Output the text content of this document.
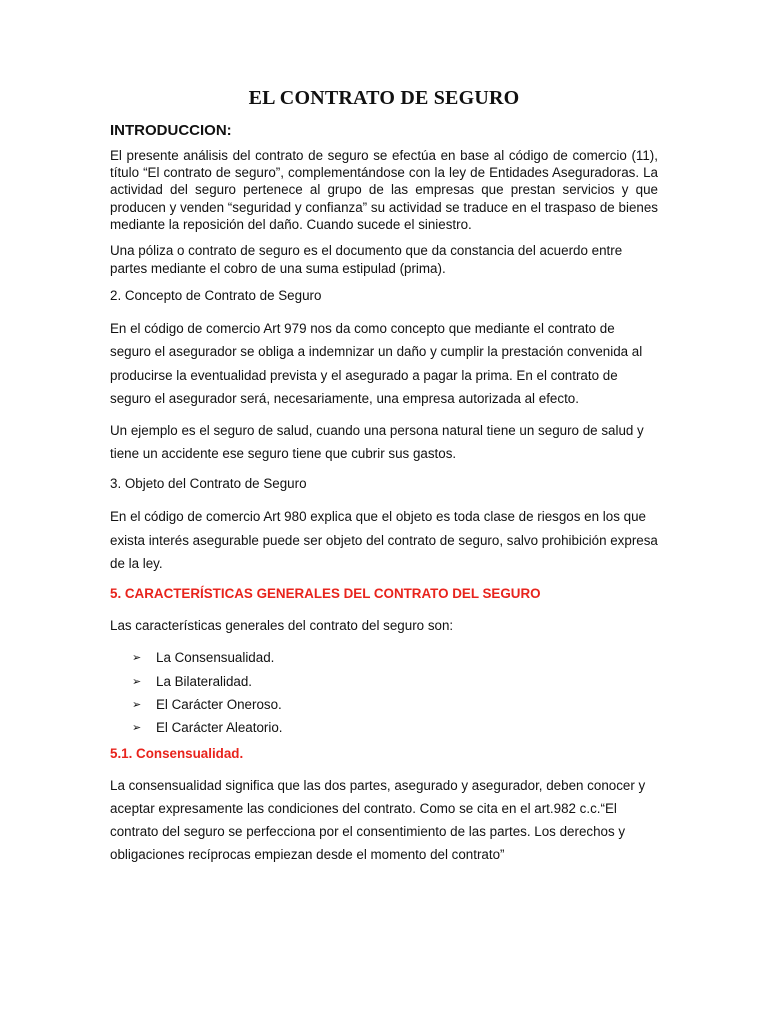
EL CONTRATO DE SEGURO
INTRODUCCION:

El presente análisis del contrato de seguro se efectúa en base al código de comercio (11), título “El contrato de seguro”, complementándose con la ley de Entidades Aseguradoras. La actividad del seguro pertenece al grupo de las empresas que prestan servicios y que producen y venden “seguridad y confianza” su actividad se traduce en el traspaso de bienes mediante la reposición del daño. Cuando sucede el siniestro.

Una póliza o contrato de seguro es el documento que da constancia del acuerdo entre partes mediante el cobro de una suma estipulad (prima).

2. Concepto de Contrato de Seguro

En el código de comercio Art 979 nos da como concepto que mediante el contrato de seguro el asegurador se obliga a indemnizar un daño y cumplir la prestación convenida al producirse la eventualidad prevista y el asegurado a pagar la prima. En el contrato de seguro el asegurador será, necesariamente, una empresa autorizada al efecto.

Un ejemplo es el seguro de salud, cuando una persona natural tiene un seguro de salud y tiene un accidente ese seguro tiene que cubrir sus gastos.

3. Objeto del Contrato de Seguro

En el código de comercio Art 980 explica que el objeto es toda clase de riesgos en los que exista interés asegurable puede ser objeto del contrato de seguro, salvo prohibición expresa de la ley.

5. CARACTERÍSTICAS GENERALES DEL CONTRATO DEL SEGURO

Las características generales del contrato del seguro son:

➢	La Consensualidad.
➢	La Bilateralidad.
➢	El Carácter Oneroso.
➢	El Carácter Aleatorio.
5.1. Consensualidad.

La consensualidad significa que las dos partes, asegurado y asegurador, deben conocer y aceptar expresamente las condiciones del contrato. Como se cita en el art.982 c.c.“El contrato del seguro se perfecciona por el consentimiento de las partes. Los derechos y obligaciones recíprocas empiezan desde el momento del contrato”
